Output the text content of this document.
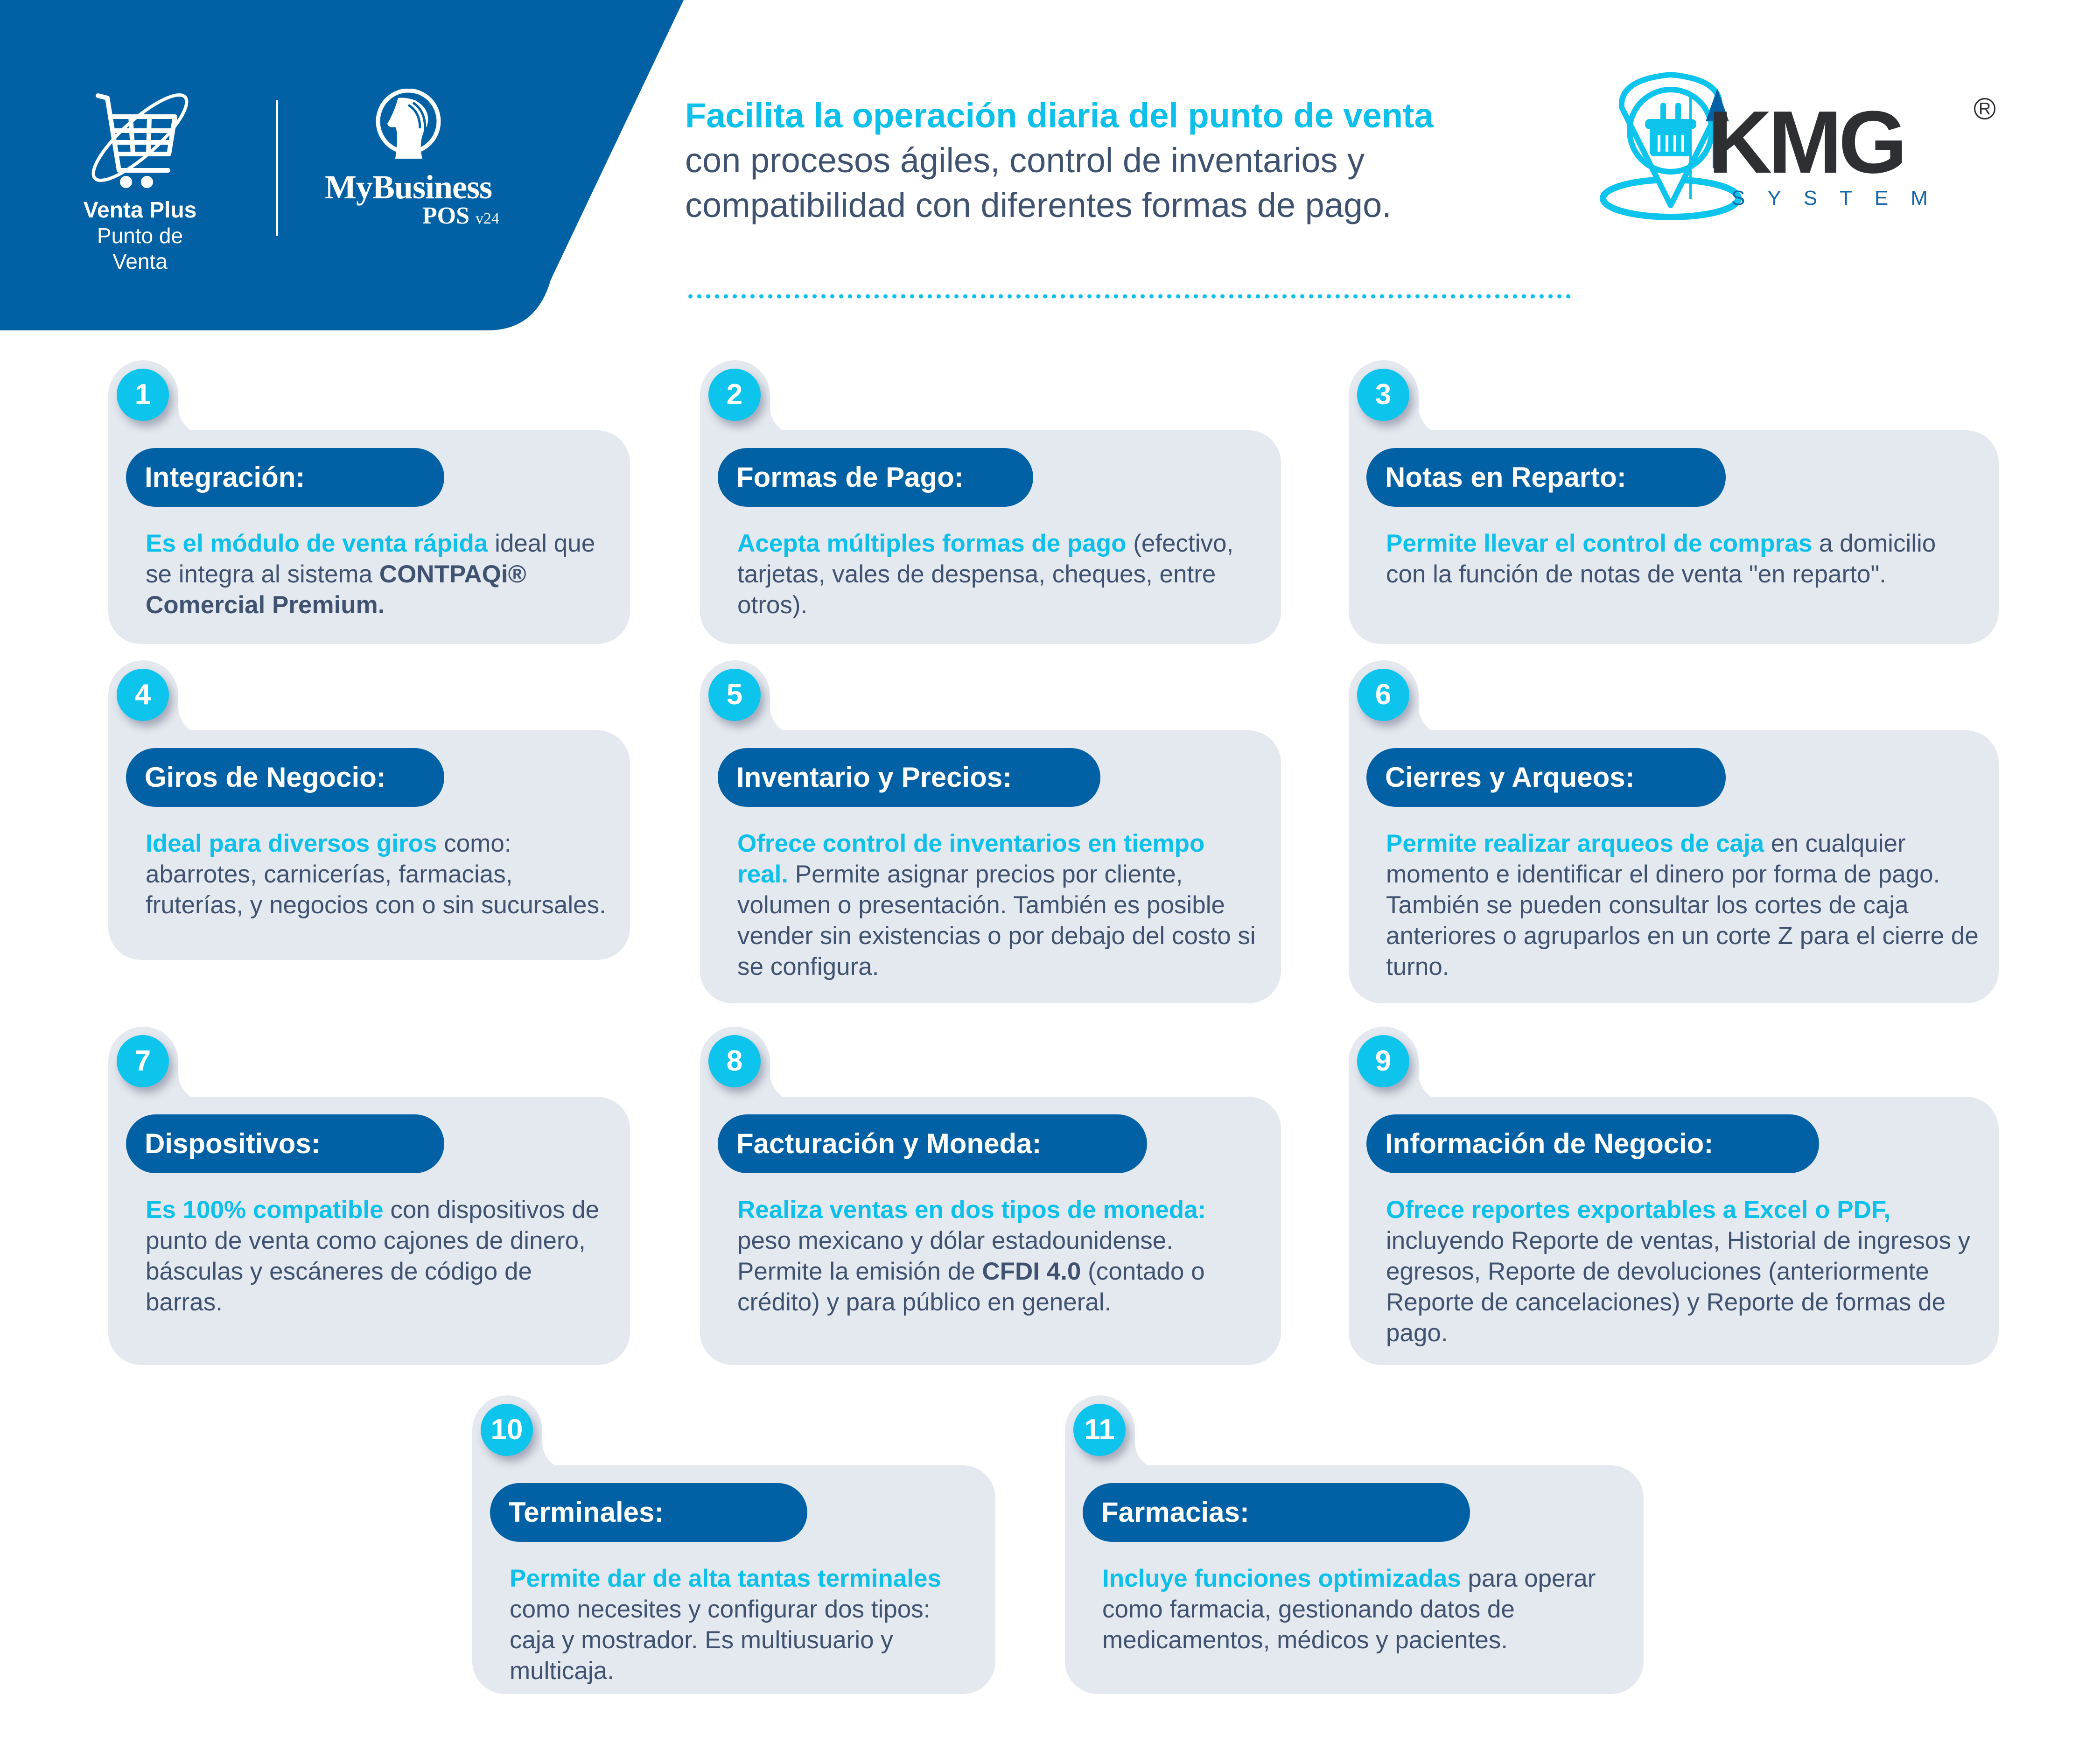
Venta Plus
Punto de Venta
MyBusiness
POS v24
Facilita la operación diaria del punto de venta
con procesos ágiles, control de inventarios y
compatibilidad con diferentes formas de pago.
KMG	R
SYSTEM
1
Integración:
Es el módulo de venta rápida ideal que se integra al sistema CONTPAQi® Comercial Premium.
2
Formas de Pago:
Acepta múltiples formas de pago (efectivo, tarjetas, vales de despensa, cheques, entre otros).
3
Notas en Reparto:
Permite llevar el control de compras a domicilio con la función de notas de venta "en reparto".
4
Giros de Negocio:
Ideal para diversos giros como: abarrotes, carnicerías, farmacias, fruterías, y negocios con o sin sucursales.
5
Inventario y Precios:
Ofrece control de inventarios en tiempo real. Permite asignar precios por cliente, volumen o presentación. También es posible vender sin existencias o por debajo del costo si se configura.
6
Cierres y Arqueos:
Permite realizar arqueos de caja en cualquier momento e identificar el dinero por forma de pago. También se pueden consultar los cortes de caja anteriores o agruparlos en un corte Z para el cierre de turno.
7
Dispositivos:
Es 100% compatible con dispositivos de punto de venta como cajones de dinero, básculas y escáneres de código de barras.
8
Facturación y Moneda:
Realiza ventas en dos tipos de moneda: peso mexicano y dólar estadounidense. Permite la emisión de CFDI 4.0 (contado o crédito) y para público en general.
9
Información de Negocio:
Ofrece reportes exportables a Excel o PDF, incluyendo Reporte de ventas, Historial de ingresos y egresos, Reporte de devoluciones (anteriormente Reporte de cancelaciones) y Reporte de formas de pago.
10
Terminales:
Permite dar de alta tantas terminales como necesites y configurar dos tipos: caja y mostrador. Es multiusuario y multicaja.
11
Farmacias:
Incluye funciones optimizadas para operar como farmacia, gestionando datos de medicamentos, médicos y pacientes.
